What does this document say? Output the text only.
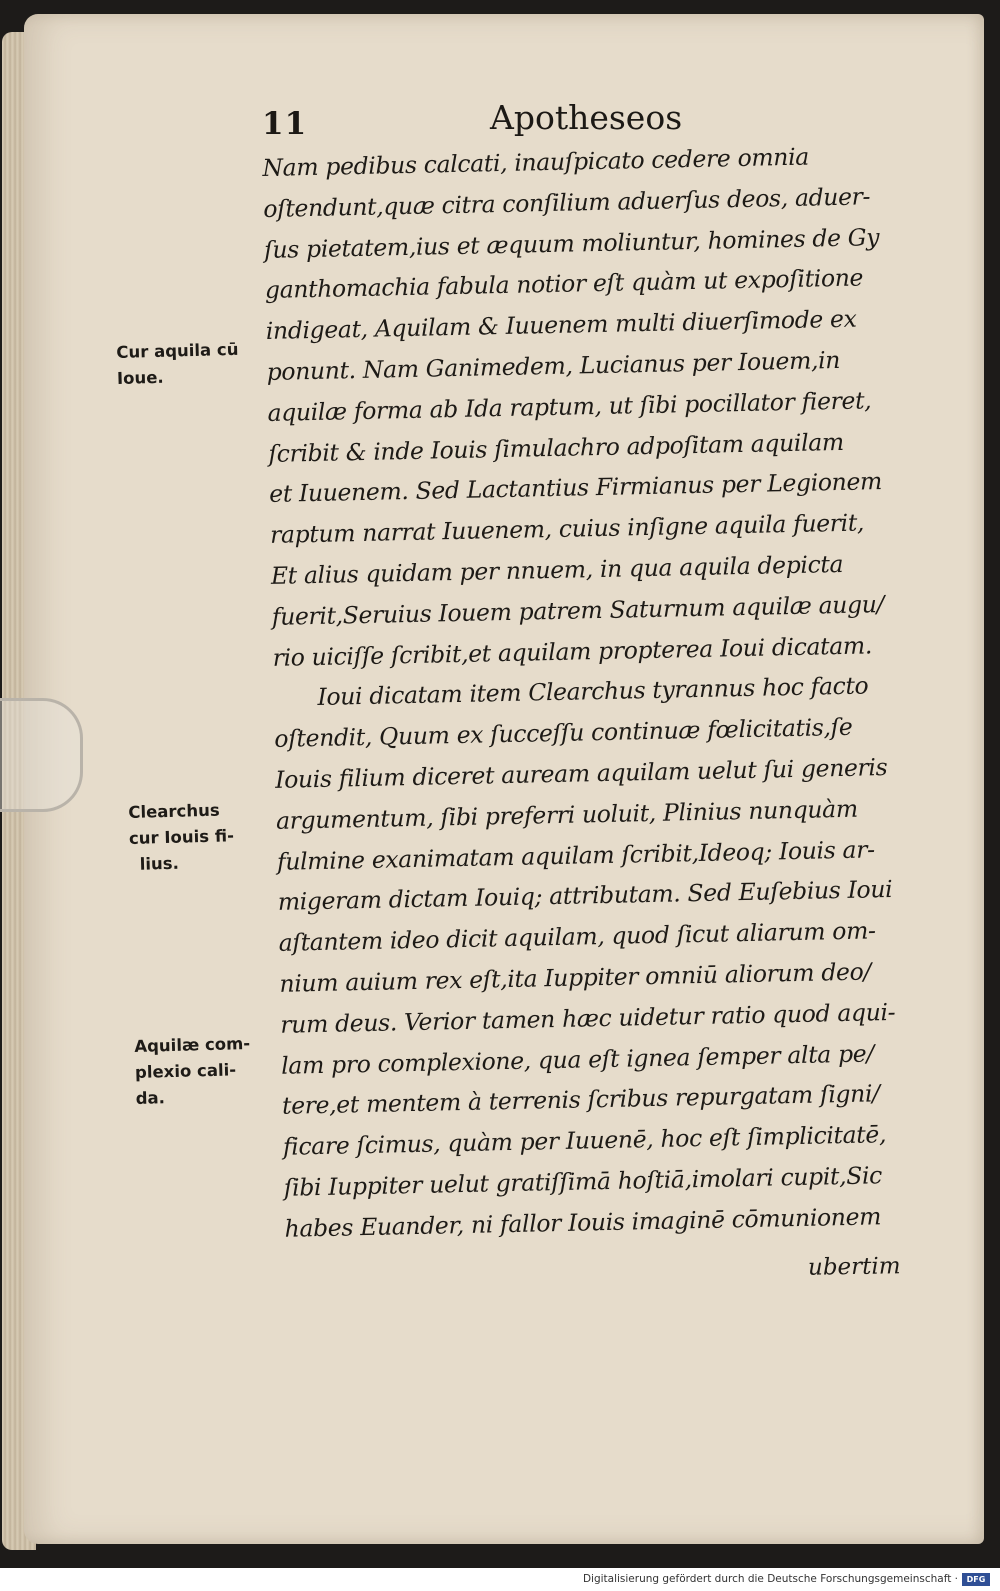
11	Apotheseos
Nam pedibus calcati, inauſpicato cedere omnia
oſtendunt,quæ citra conſilium aduerſus deos, aduer-
ſus pietatem,ius et æquum moliuntur, homines de Gy
ganthomachia fabula notior eſt quàm ut expoſitione
indigeat, Aquilam & Iuuenem multi diuerſimode ex
ponunt. Nam Ganimedem, Lucianus per Iouem,in
aquilæ forma ab Ida raptum, ut ſibi pocillator fieret,
ſcribit & inde Iouis ſimulachro adpoſitam aquilam
et Iuuenem. Sed Lactantius Firmianus per Legionem
raptum narrat Iuuenem, cuius inſigne aquila fuerit,
Et alius quidam per nnuem, in qua aquila depicta
fuerit,Seruius Iouem patrem Saturnum aquilæ augu/
rio uiciſſe ſcribit,et aquilam propterea Ioui dicatam.
Ioui dicatam item Clearchus tyrannus hoc facto
oſtendit, Quum ex ſucceſſu continuæ fœlicitatis,ſe
Iouis filium diceret auream aquilam uelut ſui generis
argumentum, ſibi preferri uoluit, Plinius nunquàm
fulmine exanimatam aquilam ſcribit,Ideoq; Iouis ar-
migeram dictam Iouiq; attributam. Sed Euſebius Ioui
aſtantem ideo dicit aquilam, quod ſicut aliarum om-
nium auium rex eſt,ita Iuppiter omniū aliorum deo/
rum deus. Verior tamen hæc uidetur ratio quod aqui-
lam pro complexione, qua eſt ignea ſemper alta pe/
tere,et mentem à terrenis ſcribus repurgatam ſigni/
ficare ſcimus, quàm per Iuuenē, hoc eſt ſimplicitatē,
ſibi Iuppiter uelut gratiſſimā hoſtiā,imolari cupit,Sic
habes Euander, ni fallor Iouis imaginē cōmunionem
ubertim
Cur aquila cū
Ioue.
Clearchus
cur Iouis fi-
lius.
Aquilæ com-
plexio cali-
da.
Digitalisierung gefördert durch die Deutsche Forschungsgemeinschaft ·	DFG
